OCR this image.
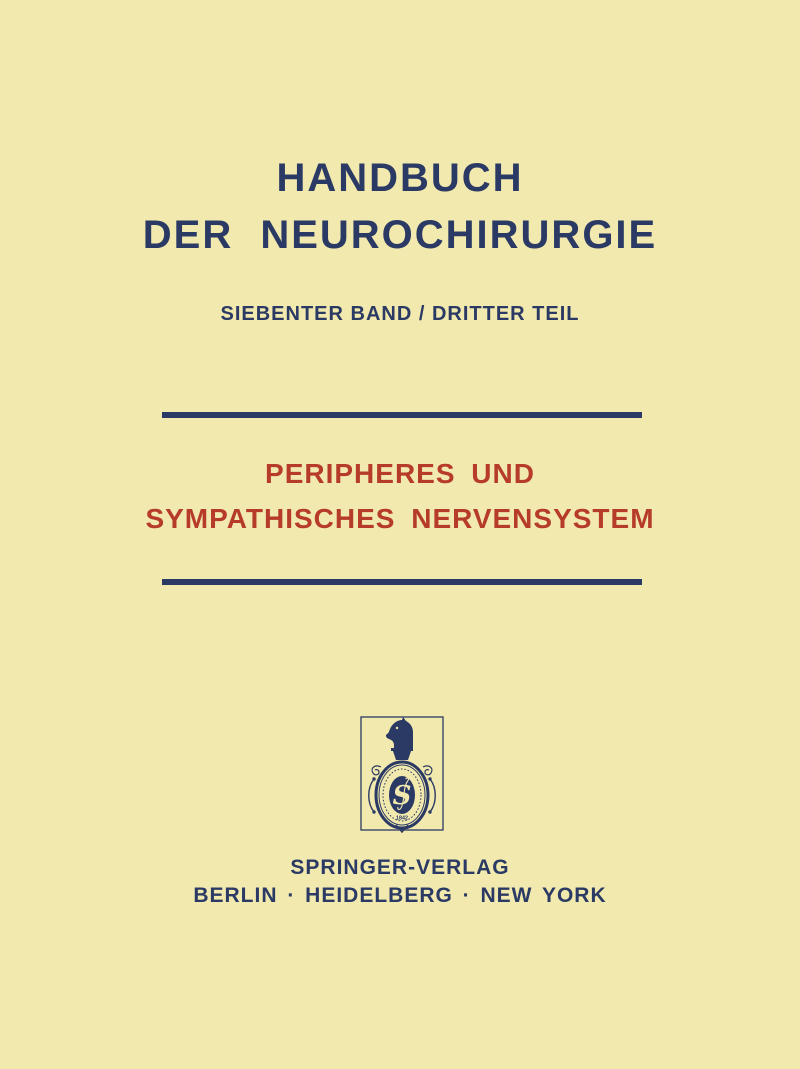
HANDBUCH
DER NEUROCHIRURGIE
SIEBENTER BAND / DRITTER TEIL
PERIPHERES UND
SYMPATHISCHES NERVENSYSTEM
S
1842
SPRINGER-VERLAG
BERLIN · HEIDELBERG · NEW YORK
